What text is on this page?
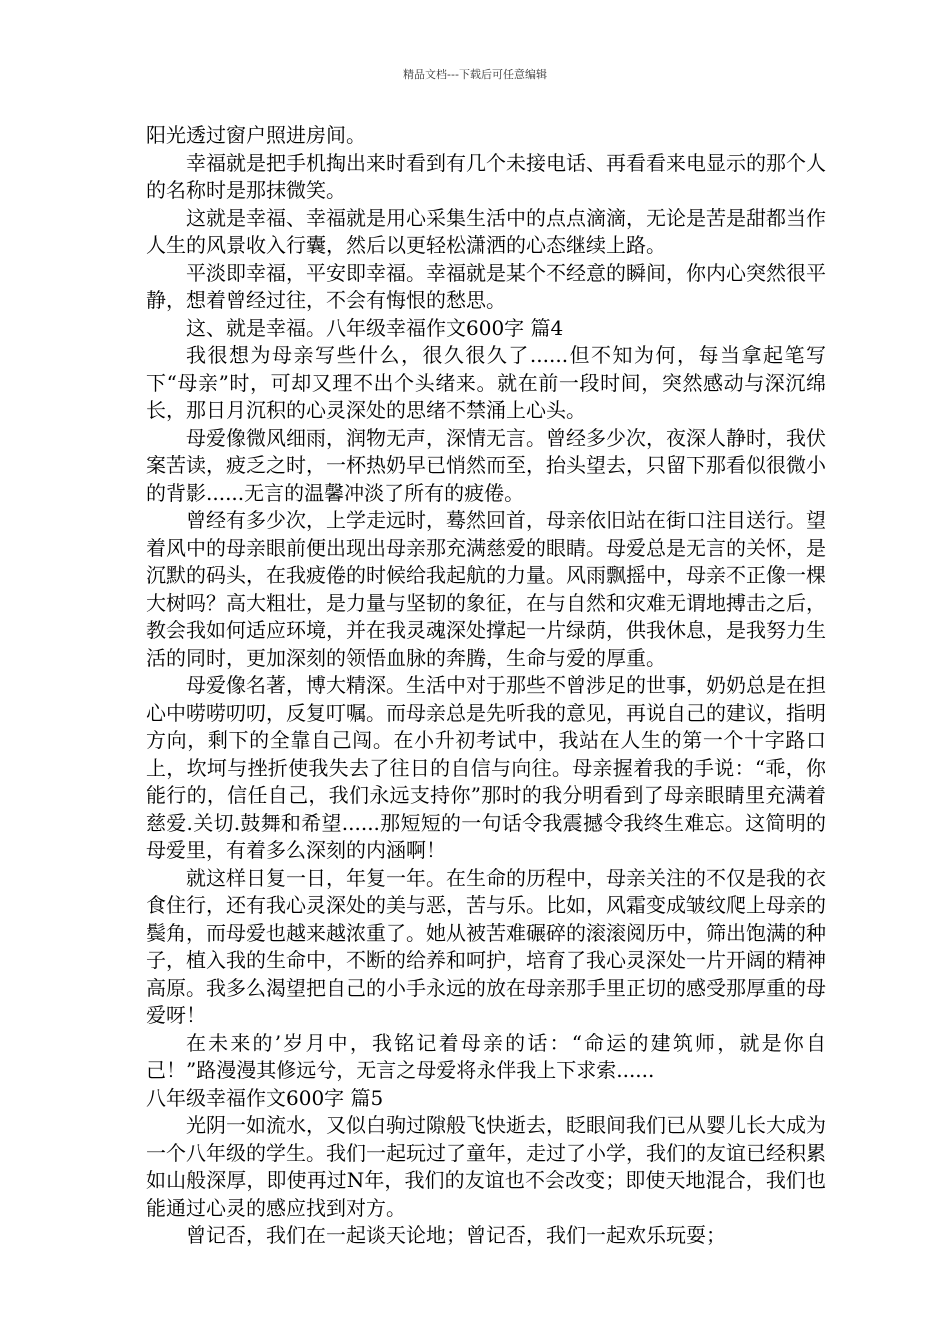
精品文档---下载后可任意编辑

阳光透过窗户照进房间。

幸福就是把手机掏出来时看到有几个未接电话、再看看来电显示的那个人的名称时是那抹微笑。

这就是幸福、幸福就是用心采集生活中的点点滴滴，无论是苦是甜都当作人生的风景收入行囊，然后以更轻松潇洒的心态继续上路。

平淡即幸福，平安即幸福。幸福就是某个不经意的瞬间，你内心突然很平静，想着曾经过往，不会有悔恨的愁思。

这、就是幸福。八年级幸福作文600字 篇4

我很想为母亲写些什么，很久很久了......但不知为何，每当拿起笔写下“母亲”时，可却又理不出个头绪来。就在前一段时间，突然感动与深沉绵长，那日月沉积的心灵深处的思绪不禁涌上心头。

母爱像微风细雨，润物无声，深情无言。曾经多少次，夜深人静时，我伏案苦读，疲乏之时，一杯热奶早已悄然而至，抬头望去，只留下那看似很微小的背影......无言的温馨冲淡了所有的疲倦。

曾经有多少次，上学走远时，蓦然回首，母亲依旧站在街口注目送行。望着风中的母亲眼前便出现出母亲那充满慈爱的眼睛。母爱总是无言的关怀，是沉默的码头，在我疲倦的时候给我起航的力量。风雨飘摇中，母亲不正像一棵大树吗？高大粗壮，是力量与坚韧的象征，在与自然和灾难无谓地搏击之后，教会我如何适应环境，并在我灵魂深处撑起一片绿荫，供我休息，是我努力生活的同时，更加深刻的领悟血脉的奔腾，生命与爱的厚重。

母爱像名著，博大精深。生活中对于那些不曾涉足的世事，奶奶总是在担心中唠唠叨叨，反复叮嘱。而母亲总是先听我的意见，再说自己的建议，指明方向，剩下的全靠自己闯。在小升初考试中，我站在人生的第一个十字路口上，坎坷与挫折使我失去了往日的自信与向往。母亲握着我的手说：“乖，你能行的，信任自己，我们永远支持你”那时的我分明看到了母亲眼睛里充满着慈爱.关切.鼓舞和希望......那短短的一句话令我震撼令我终生难忘。这简明的母爱里，有着多么深刻的内涵啊！

就这样日复一日，年复一年。在生命的历程中，母亲关注的不仅是我的衣食住行，还有我心灵深处的美与恶，苦与乐。比如，风霜变成皱纹爬上母亲的鬓角，而母爱也越来越浓重了。她从被苦难碾碎的滚滚阅历中，筛出饱满的种子，植入我的生命中，不断的给养和呵护，培育了我心灵深处一片开阔的精神高原。我多么渴望把自己的小手永远的放在母亲那手里正切的感受那厚重的母爱呀！

在未来的’岁月中，我铭记着母亲的话：“命运的建筑师，就是你自己！”路漫漫其修远兮，无言之母爱将永伴我上下求索......

八年级幸福作文600字 篇5

光阴一如流水，又似白驹过隙般飞快逝去，眨眼间我们已从婴儿长大成为一个八年级的学生。我们一起玩过了童年，走过了小学，我们的友谊已经积累如山般深厚，即使再过N年，我们的友谊也不会改变；即使天地混合，我们也能通过心灵的感应找到对方。

曾记否，我们在一起谈天论地；曾记否，我们一起欢乐玩耍；
